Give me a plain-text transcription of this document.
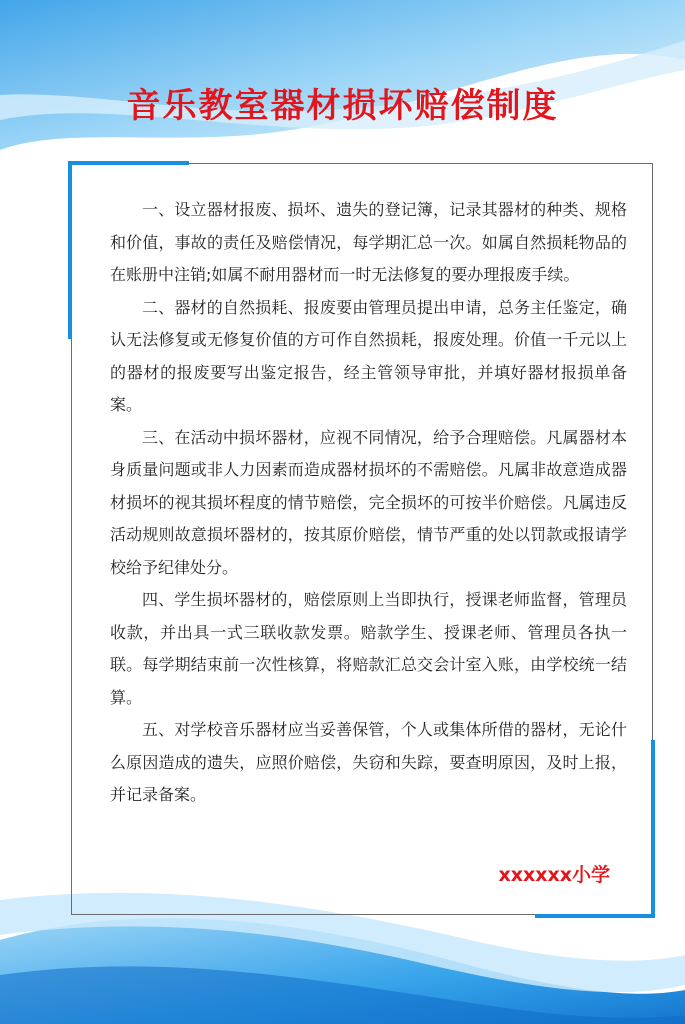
音乐教室器材损坏赔偿制度

一、设立器材报废、损坏、遗失的登记簿，记录其器材的种类、规格和价值，事故的责任及赔偿情况，每学期汇总一次。如属自然损耗物品的在账册中注销;如属不耐用器材而一时无法修复的要办理报废手续。

二、器材的自然损耗、报废要由管理员提出申请，总务主任鉴定，确认无法修复或无修复价值的方可作自然损耗，报废处理。价值一千元以上的器材的报废要写出鉴定报告，经主管领导审批，并填好器材报损单备案。

三、在活动中损坏器材，应视不同情况，给予合理赔偿。凡属器材本身质量问题或非人力因素而造成器材损坏的不需赔偿。凡属非故意造成器材损坏的视其损坏程度的情节赔偿，完全损坏的可按半价赔偿。凡属违反活动规则故意损坏器材的，按其原价赔偿，情节严重的处以罚款或报请学校给予纪律处分。

四、学生损坏器材的，赔偿原则上当即执行，授课老师监督，管理员收款，并出具一式三联收款发票。赔款学生、授课老师、管理员各执一联。每学期结束前一次性核算，将赔款汇总交会计室入账，由学校统一结算。

五、对学校音乐器材应当妥善保管，个人或集体所借的器材，无论什么原因造成的遗失，应照价赔偿，失窃和失踪，要查明原因，及时上报，并记录备案。

xxxxxx小学
